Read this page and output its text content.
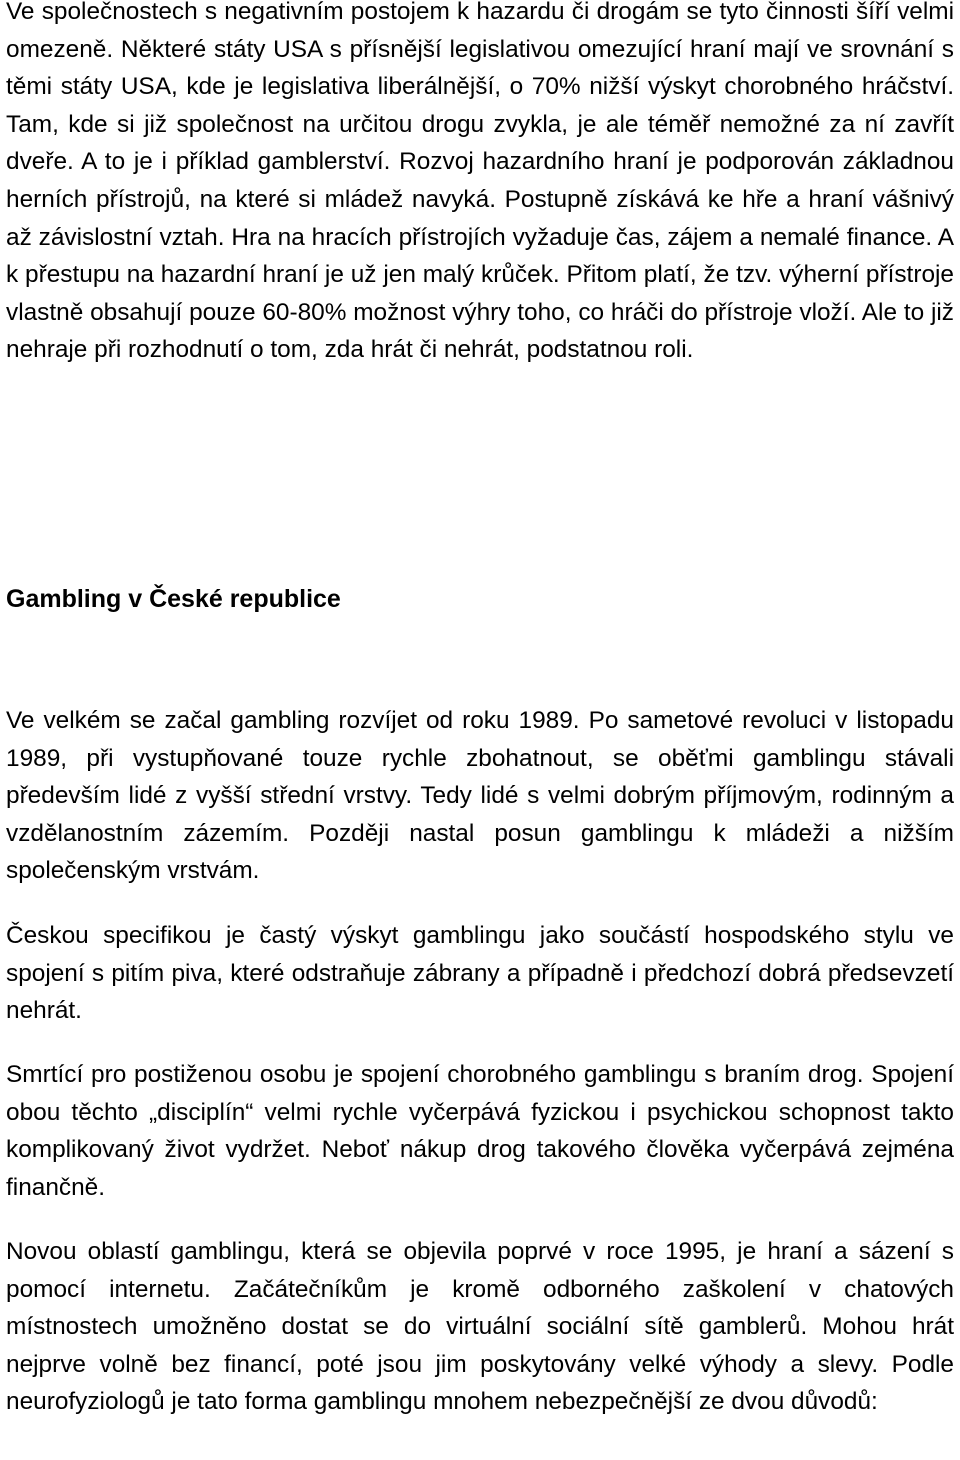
Ve společnostech s negativním postojem k hazardu či drogám se tyto činnosti šíří velmi omezeně. Některé státy USA s přísnější legislativou omezující hraní mají ve srovnání s těmi státy USA, kde je legislativa liberálnější, o 70% nižší výskyt chorobného hráčství. Tam, kde si již společnost na určitou drogu zvykla, je ale téměř nemožné za ní zavřít dveře. A to je i příklad gamblerství. Rozvoj hazardního hraní je podporován základnou herních přístrojů, na které si mládež navyká. Postupně získává ke hře a hraní vášnivý až závislostní vztah. Hra na hracích přístrojích vyžaduje čas, zájem a nemalé finance. A k přestupu na hazardní hraní je už jen malý krůček. Přitom platí, že tzv. výherní přístroje vlastně obsahují pouze 60-80% možnost výhry toho, co hráči do přístroje vloží. Ale to již nehraje při rozhodnutí o tom, zda hrát či nehrát, podstatnou roli.

Gambling v České republice

Ve velkém se začal gambling rozvíjet od roku 1989. Po sametové revoluci v listopadu 1989, při vystupňované touze rychle zbohatnout, se oběťmi gamblingu stávali především lidé z vyšší střední vrstvy. Tedy lidé s velmi dobrým příjmovým, rodinným a vzdělanostním zázemím. Později nastal posun gamblingu k mládeži a nižším společenským vrstvám.

Českou specifikou je častý výskyt gamblingu jako součástí hospodského stylu ve spojení s pitím piva, které odstraňuje zábrany a případně i předchozí dobrá předsevzetí nehrát.

Smrtící pro postiženou osobu je spojení chorobného gamblingu s braním drog. Spojení obou těchto „disciplín“ velmi rychle vyčerpává fyzickou i psychickou schopnost takto komplikovaný život vydržet. Neboť nákup drog takového člověka vyčerpává zejména finančně.

Novou oblastí gamblingu, která se objevila poprvé v roce 1995, je hraní a sázení s pomocí internetu. Začátečníkům je kromě odborného zaškolení v chatových místnostech umožněno dostat se do virtuální sociální sítě gamblerů. Mohou hrát nejprve volně bez financí, poté jsou jim poskytovány velké výhody a slevy. Podle neurofyziologů je tato forma gamblingu mnohem nebezpečnější ze dvou důvodů:
